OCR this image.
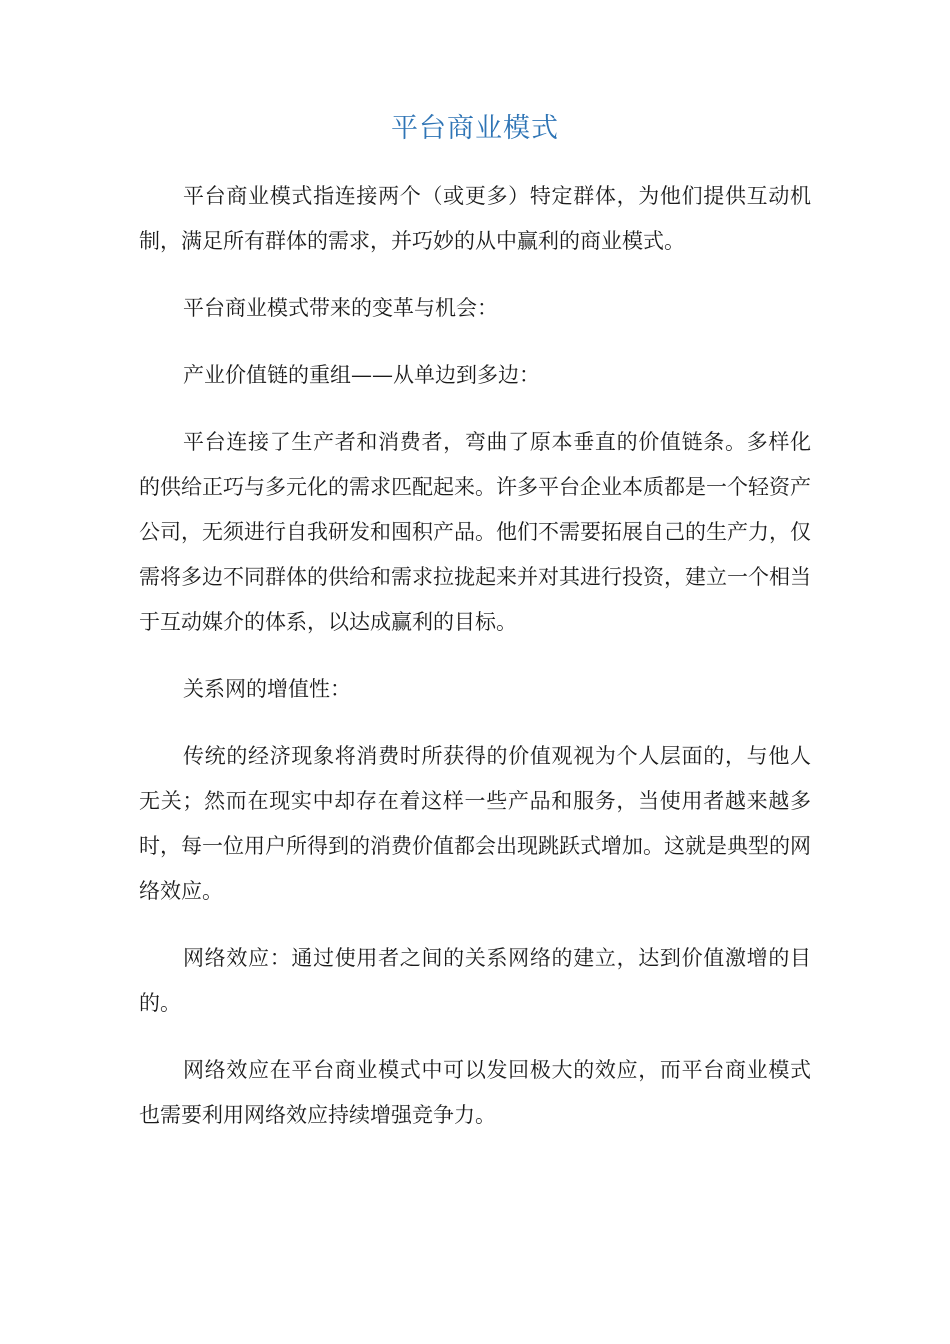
平台商业模式

平台商业模式指连接两个（或更多）特定群体，为他们提供互动机制，满足所有群体的需求，并巧妙的从中赢利的商业模式。

平台商业模式带来的变革与机会：

产业价值链的重组——从单边到多边：

平台连接了生产者和消费者，弯曲了原本垂直的价值链条。多样化的供给正巧与多元化的需求匹配起来。许多平台企业本质都是一个轻资产公司，无须进行自我研发和囤积产品。他们不需要拓展自己的生产力，仅需将多边不同群体的供给和需求拉拢起来并对其进行投资，建立一个相当于互动媒介的体系，以达成赢利的目标。

关系网的增值性：

传统的经济现象将消费时所获得的价值观视为个人层面的，与他人无关；然而在现实中却存在着这样一些产品和服务，当使用者越来越多时，每一位用户所得到的消费价值都会出现跳跃式增加。这就是典型的网络效应。

网络效应：通过使用者之间的关系网络的建立，达到价值激增的目的。

网络效应在平台商业模式中可以发回极大的效应，而平台商业模式也需要利用网络效应持续增强竞争力。
